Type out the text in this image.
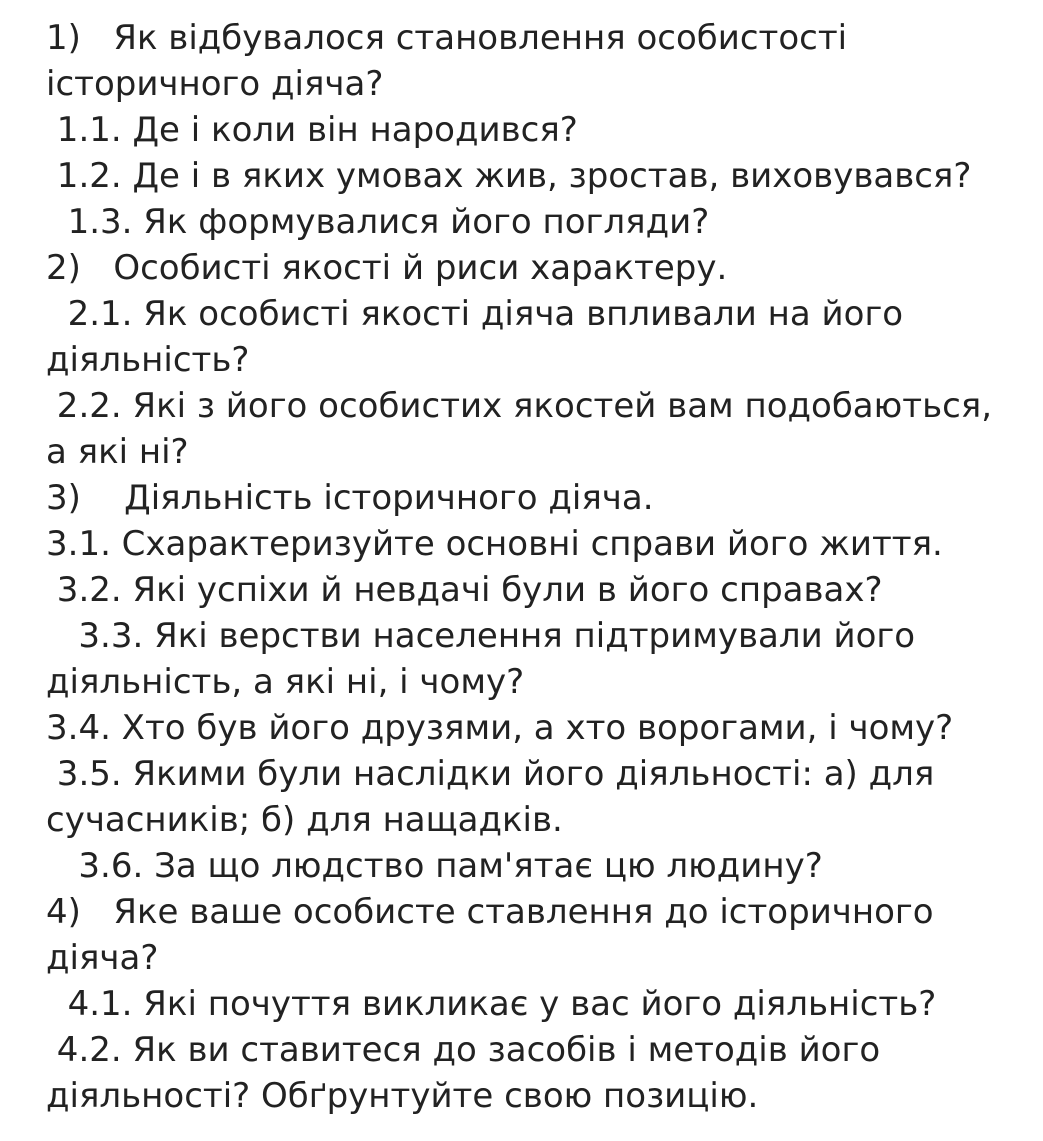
1)   Як відбувалося становлення особистості

історичного діяча?

1.1. Де і коли він народився?

1.2. Де і в яких умовах жив, зростав, виховувався?

1.3. Як формувалися його погляди?

2)   Особисті якості й риси характеру.

2.1. Як особисті якості діяча впливали на його

діяльність?

2.2. Які з його особистих якостей вам подобаються,

а які ні?

3)    Діяльність історичного діяча.

3.1. Схарактеризуйте основні справи його життя.

3.2. Які успіхи й невдачі були в його справах?

3.3. Які верстви населення підтримували його

діяльність, а які ні, і чому?

3.4. Хто був його друзями, а хто ворогами, і чому?

3.5. Якими були наслідки його діяльності: а) для

сучасників; б) для нащадків.

3.6. За що людство пам'ятає цю людину?

4)   Яке ваше особисте ставлення до історичного

діяча?

4.1. Які почуття викликає у вас його діяльність?

4.2. Як ви ставитеся до засобів і методів його

діяльності? Обґрунтуйте свою позицію.
